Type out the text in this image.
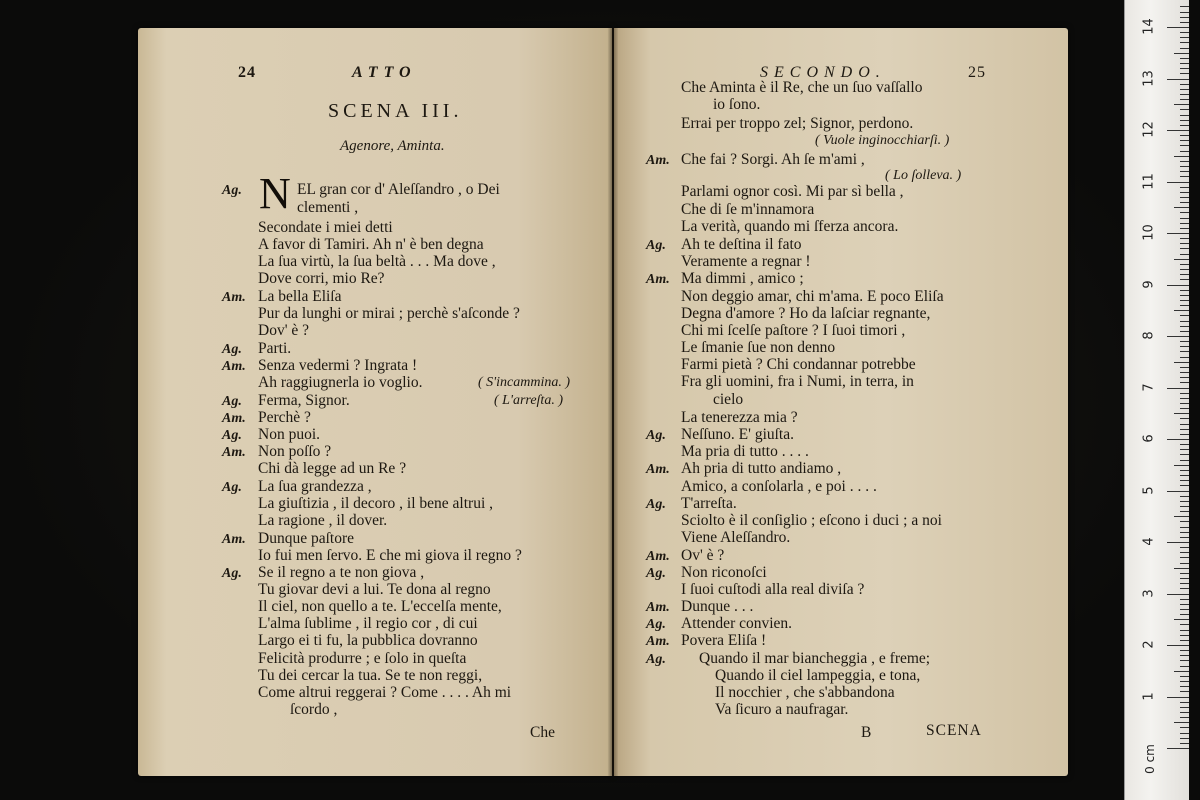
24	ATTO
SCENA III.
Agenore, Aminta.
N
Ag.	EL gran cor d' Aleſſandro , o Dei
clementi ,
Secondate i miei detti
A favor di Tamiri. Ah n' è ben degna
La ſua virtù, la ſua beltà . . . Ma dove ,
Dove corri, mio Re?
Am. La bella Eliſa
Pur da lunghi or mirai ; perchè s'aſconde ?
Dov' è ?
Ag. Parti.
Am. Senza vedermi ? Ingrata !
Ah raggiugnerla io voglio.
Ag. Ferma, Signor.
Am. Perchè ?
Ag. Non puoi.
Am. Non poſſo ?
Chi dà legge ad un Re ?
Ag. La ſua grandezza ,
La giuſtizia , il decoro , il bene altrui ,
La ragione , il dover.
Am. Dunque paſtore
Io fui men ſervo. E che mi giova il regno ?
Ag. Se il regno a te non giova ,
Tu giovar devi a lui. Te dona al regno
Il ciel, non quello a te. L'eccelſa mente,
L'alma ſublime , il regio cor , di cui
Largo ei ti fu, la pubblica dovranno
Felicità produrre ; e ſolo in queſta
Tu dei cercar la tua. Se te non reggi,
Come altrui reggerai ? Come . . . . Ah mi
ſcordo ,
( S'incammina. )
( L'arreſta. )
Che
SECONDO.	25
Che Aminta è il Re, che un ſuo vaſſallo
io ſono.
Errai per troppo zel; Signor, perdono.
Am. Che fai ? Sorgi. Ah ſe m'ami ,
Parlami ognor così. Mi par sì bella ,
Che di ſe m'innamora
La verità, quando mi ſferza ancora.
Ag. Ah te deſtina il fato
Veramente a regnar !
Am. Ma dimmi , amico ;
Non deggio amar, chi m'ama. E poco Eliſa
Degna d'amore ? Ho da laſciar regnante,
Chi mi ſcelſe paſtore ? I ſuoi timori ,
Le ſmanie ſue non denno
Farmi pietà ? Chi condannar potrebbe
Fra gli uomini, fra i Numi, in terra, in
cielo
La tenerezza mia ?
Ag. Neſſuno. E' giuſta.
Ma pria di tutto . . . .
Am. Ah pria di tutto andiamo ,
Amico, a conſolarla , e poi . . . .
Ag. T'arreſta.
Sciolto è il conſiglio ; eſcono i duci ; a noi
Viene Aleſſandro.
Am. Ov' è ?
Ag. Non riconoſci
I ſuoi cuſtodi alla real diviſa ?
Am. Dunque . . .
Ag. Attender convien.
Am. Povera Eliſa !
Ag. Quando il mar biancheggia , e freme;
Quando il ciel lampeggia, e tona,
Il nocchier , che s'abbandona
Va ſicuro a naufragar.
( Vuole inginocchiarſi. )
( Lo ſolleva. )
B	SCENA
1
2
3
4
5
6
7
8
9
10
11
12
13
14
0 cm
